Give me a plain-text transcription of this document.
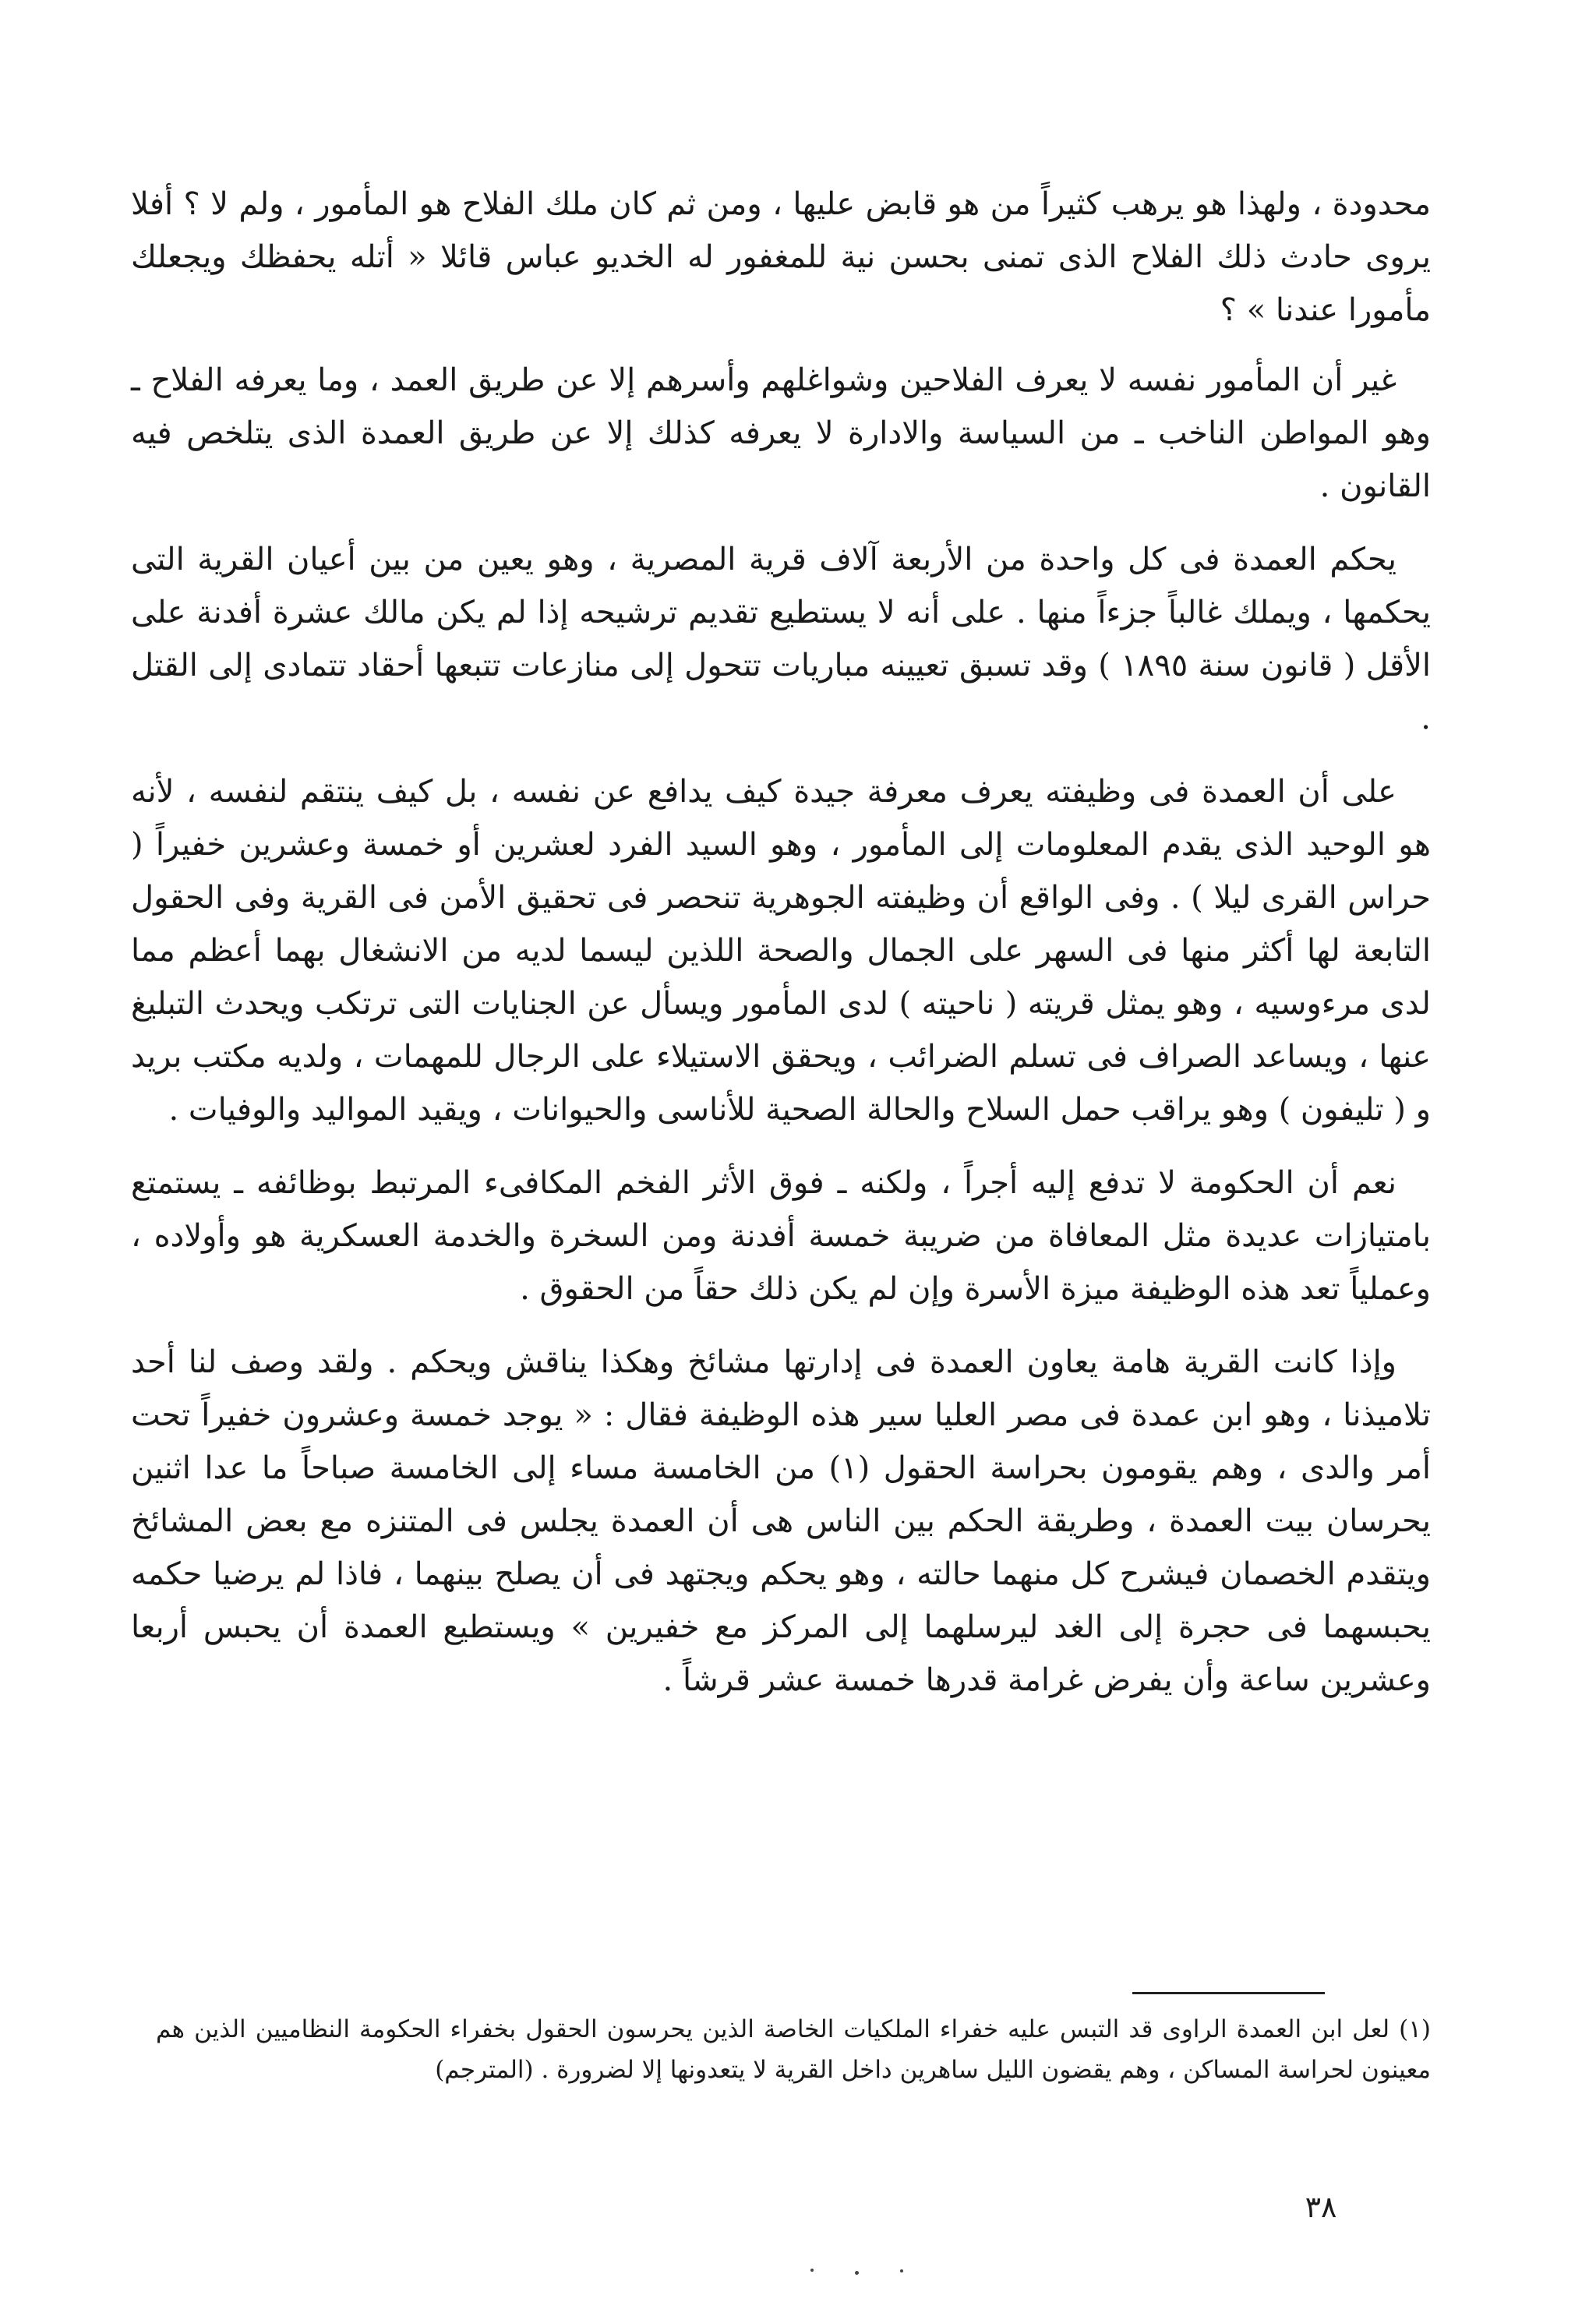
محدودة ، ولهذا هو يرهب كثيراً من هو قابض عليها ، ومن ثم كان ملك الفلاح هو المأمور ، ولم لا ؟ أفلا يروى حادث ذلك الفلاح الذى تمنى بحسن نية للمغفور له الخديو عباس قائلا « أتله يحفظك ويجعلك مأمورا عندنا » ؟

غير أن المأمور نفسه لا يعرف الفلاحين وشواغلهم وأسرهم إلا عن طريق العمد ، وما يعرفه الفلاح ـ وهو المواطن الناخب ـ من السياسة والادارة لا يعرفه كذلك إلا عن طريق العمدة الذى يتلخص فيه القانون .

يحكم العمدة فى كل واحدة من الأربعة آلاف قرية المصرية ، وهو يعين من بين أعيان القرية التى يحكمها ، ويملك غالباً جزءاً منها . على أنه لا يستطيع تقديم ترشيحه إذا لم يكن مالك عشرة أفدنة على الأقل ( قانون سنة ١٨٩٥ ) وقد تسبق تعيينه مباريات تتحول إلى منازعات تتبعها أحقاد تتمادى إلى القتل .

على أن العمدة فى وظيفته يعرف معرفة جيدة كيف يدافع عن نفسه ، بل كيف ينتقم لنفسه ، لأنه هو الوحيد الذى يقدم المعلومات إلى المأمور ، وهو السيد الفرد لعشرين أو خمسة وعشرين خفيراً ( حراس القرى ليلا ) . وفى الواقع أن وظيفته الجوهرية تنحصر فى تحقيق الأمن فى القرية وفى الحقول التابعة لها أكثر منها فى السهر على الجمال والصحة اللذين ليسما لديه من الانشغال بهما أعظم مما لدى مرءوسيه ، وهو يمثل قريته ( ناحيته ) لدى المأمور ويسأل عن الجنايات التى ترتكب ويحدث التبليغ عنها ، ويساعد الصراف فى تسلم الضرائب ، ويحقق الاستيلاء على الرجال للمهمات ، ولديه مكتب بريد و ( تليفون ) وهو يراقب حمل السلاح والحالة الصحية للأناسى والحيوانات ، ويقيد المواليد والوفيات .

نعم أن الحكومة لا تدفع إليه أجراً ، ولكنه ـ فوق الأثر الفخم المكافىء المرتبط بوظائفه ـ يستمتع بامتيازات عديدة مثل المعافاة من ضريبة خمسة أفدنة ومن السخرة والخدمة العسكرية هو وأولاده ، وعملياً تعد هذه الوظيفة ميزة الأسرة وإن لم يكن ذلك حقاً من الحقوق .

وإذا كانت القرية هامة يعاون العمدة فى إدارتها مشائخ وهكذا يناقش ويحكم . ولقد وصف لنا أحد تلاميذنا ، وهو ابن عمدة فى مصر العليا سير هذه الوظيفة فقال : « يوجد خمسة وعشرون خفيراً تحت أمر والدى ، وهم يقومون بحراسة الحقول (١) من الخامسة مساء إلى الخامسة صباحاً ما عدا اثنين يحرسان بيت العمدة ، وطريقة الحكم بين الناس هى أن العمدة يجلس فى المتنزه مع بعض المشائخ ويتقدم الخصمان فيشرح كل منهما حالته ، وهو يحكم ويجتهد فى أن يصلح بينهما ، فاذا لم يرضيا حكمه يحبسهما فى حجرة إلى الغد ليرسلهما إلى المركز مع خفيرين » ويستطيع العمدة أن يحبس أربعا وعشرين ساعة وأن يفرض غرامة قدرها خمسة عشر قرشاً .

(١) لعل ابن العمدة الراوى قد التبس عليه خفراء الملكيات الخاصة الذين يحرسون الحقول بخفراء الحكومة النظاميين الذين هم معينون لحراسة المساكن ، وهم يقضون الليل ساهرين داخل القرية لا يتعدونها إلا لضرورة . (المترجم)
٣٨
